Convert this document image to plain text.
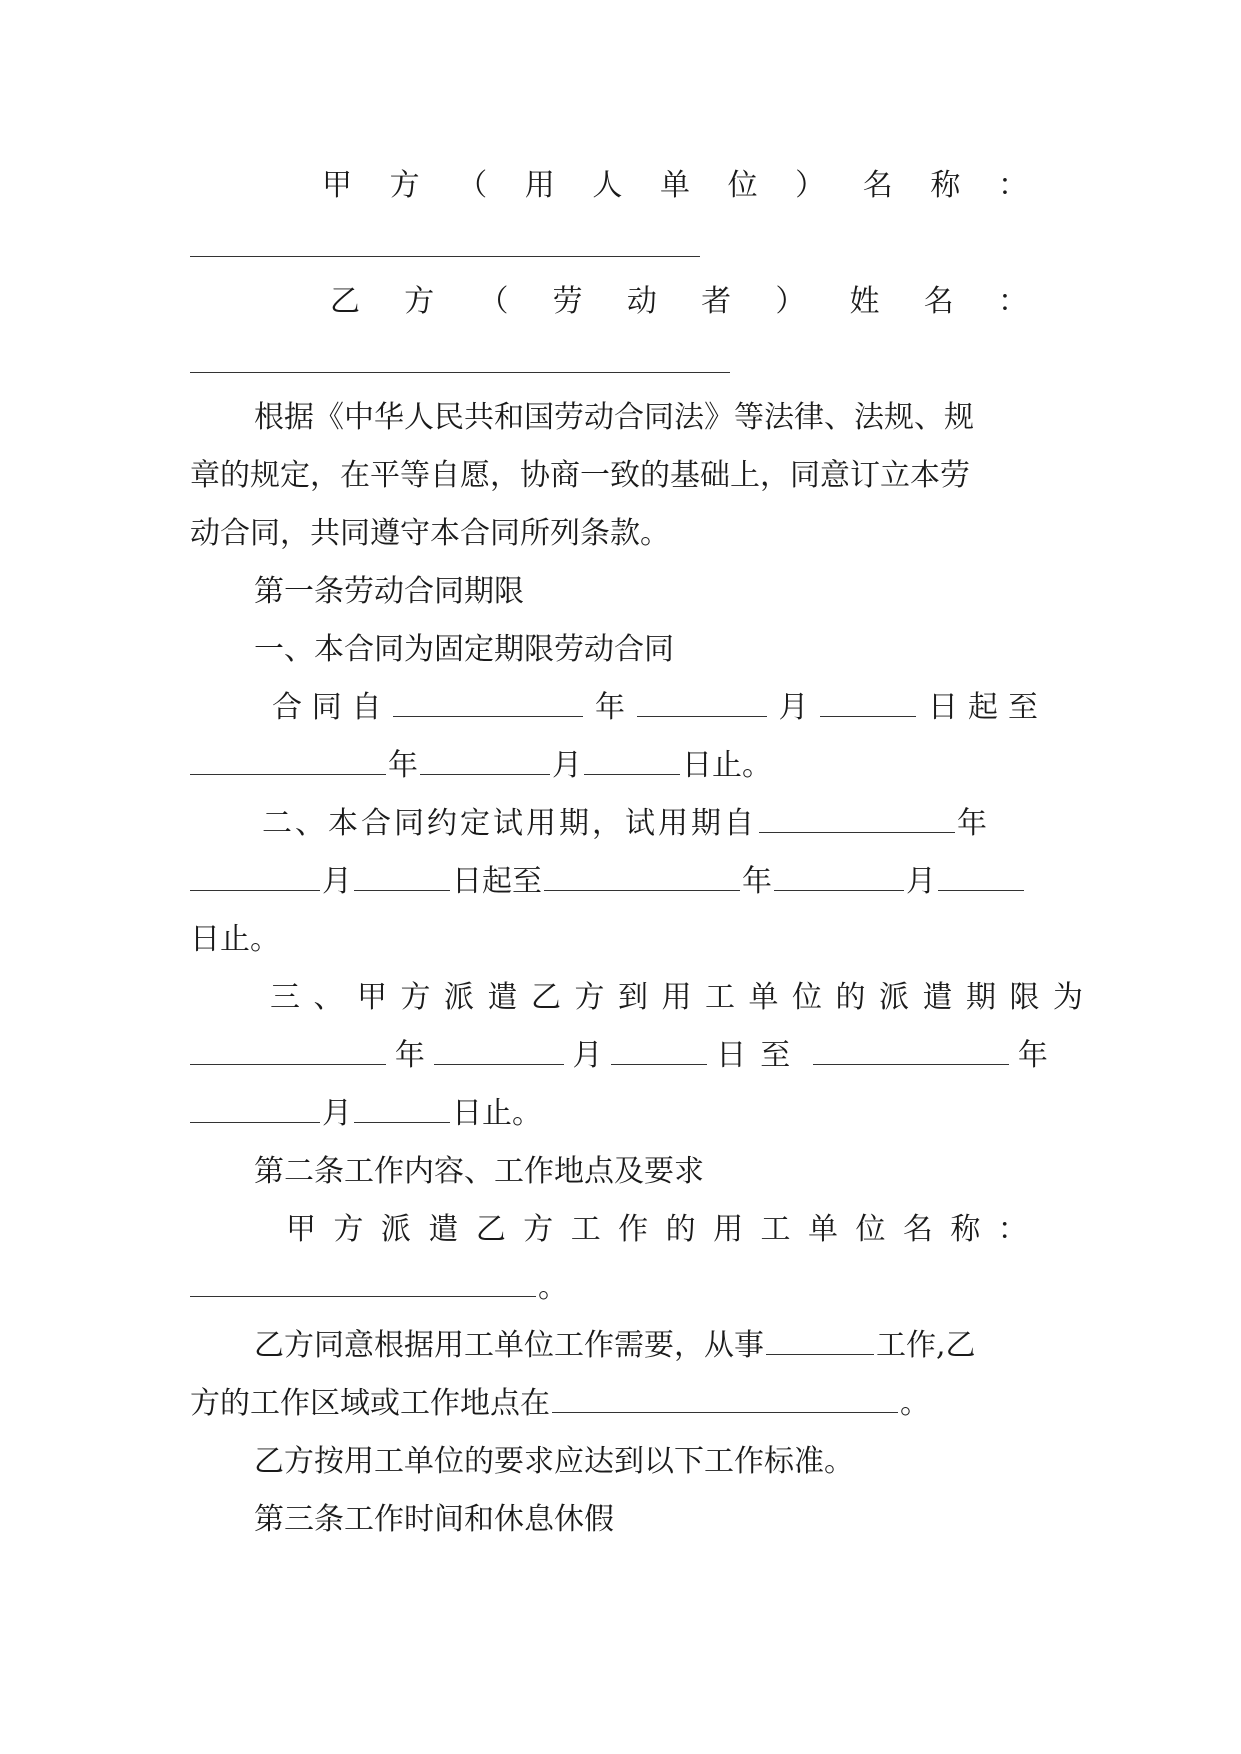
甲 方 （ 用 人 单 位 ） 名 称 ：
乙 方 （ 劳 动 者 ） 姓 名 ：
根据《中华人民共和国劳动合同法》等法律、法规、规
章的规定，在平等自愿，协商一致的基础上，同意订立本劳
动合同，共同遵守本合同所列条款。
第一条劳动合同期限
一、本合同为固定期限劳动合同
合 同 自	年	月	日起至
年	月	日止。
二、本合同约定试用期，试用期自	年
月	日起至	年	月
日止。
三、甲方派遣乙方到用工单位的派遣期限为
年	月	日至	年
月	日止。
第二条工作内容、工作地点及要求
甲 方 派 遣 乙 方 工 作 的 用 工 单 位 名 称 ：
。
乙方同意根据用工单位工作需要，从事	工作,乙
方的工作区域或工作地点在	。
乙方按用工单位的要求应达到以下工作标准。
第三条工作时间和休息休假
